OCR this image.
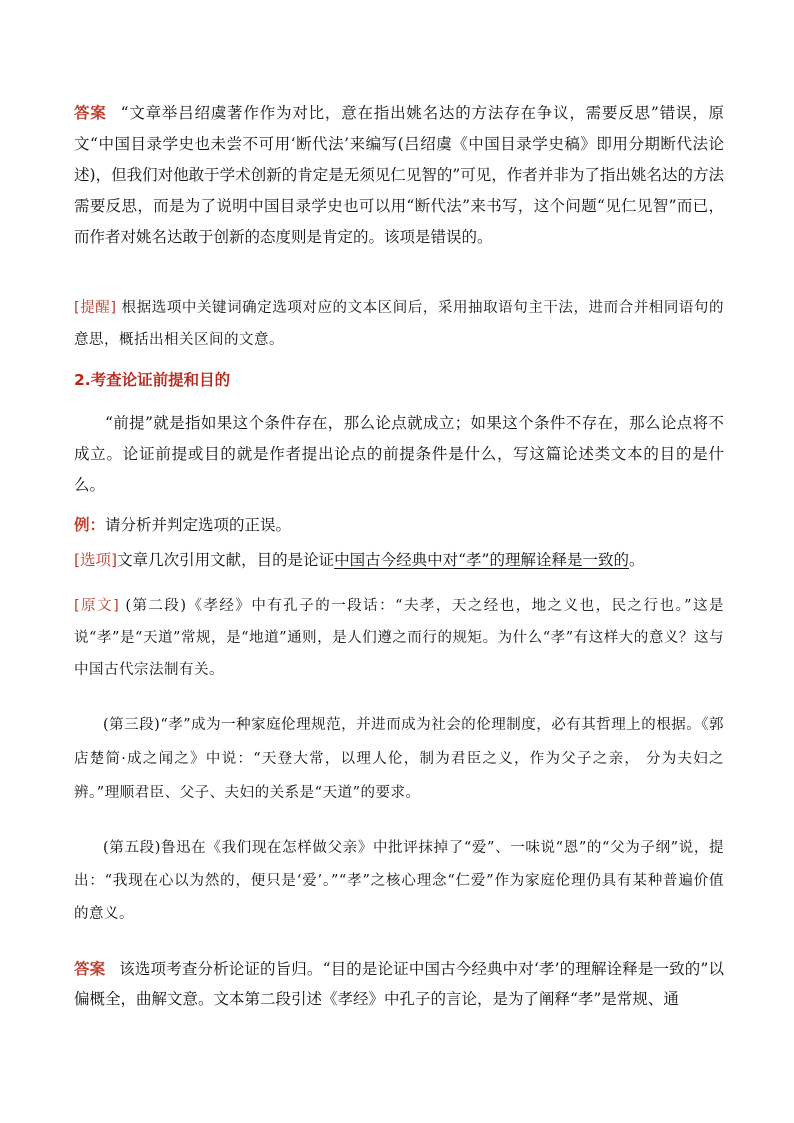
答案 “文章举吕绍虞著作作为对比，意在指出姚名达的方法存在争议，需要反思”错误，原文“中国目录学史也未尝不可用‘断代法’来编写(吕绍虞《中国目录学史稿》即用分期断代法论述)，但我们对他敢于学术创新的肯定是无须见仁见智的”可见，作者并非为了指出姚名达的方法需要反思，而是为了说明中国目录学史也可以用“断代法”来书写，这个问题“见仁见智”而已，而作者对姚名达敢于创新的态度则是肯定的。该项是错误的。

[提醒] 根据选项中关键词确定选项对应的文本区间后，采用抽取语句主干法，进而合并相同语句的意思，概括出相关区间的文意。

2.考查论证前提和目的

“前提”就是指如果这个条件存在，那么论点就成立；如果这个条件不存在，那么论点将不成立。论证前提或目的就是作者提出论点的前提条件是什么，写这篇论述类文本的目的是什么。

例：请分析并判定选项的正误。

[选项]文章几次引用文献，目的是论证中国古今经典中对“孝”的理解诠释是一致的。

[原文] (第二段)《孝经》中有孔子的一段话：“夫孝，天之经也，地之义也，民之行也。”这是说“孝”是“天道”常规，是“地道”通则，是人们遵之而行的规矩。为什么“孝”有这样大的意义？这与中国古代宗法制有关。

(第三段)“孝”成为一种家庭伦理规范，并进而成为社会的伦理制度，必有其哲理上的根据。《郭店楚简·成之闻之》中说：“天登大常，以理人伦，制为君臣之义，作为父子之亲， 分为夫妇之辨。”理顺君臣、父子、夫妇的关系是“天道”的要求。

(第五段)鲁迅在《我们现在怎样做父亲》中批评抹掉了“爱”、一味说“恩”的“父为子纲”说，提出：“我现在心以为然的，便只是‘爱’。”“孝”之核心理念“仁爱”作为家庭伦理仍具有某种普遍价值的意义。

答案 该选项考查分析论证的旨归。“目的是论证中国古今经典中对‘孝’的理解诠释是一致的”以偏概全，曲解文意。文本第二段引述《孝经》中孔子的言论，是为了阐释“孝”是常规、通
